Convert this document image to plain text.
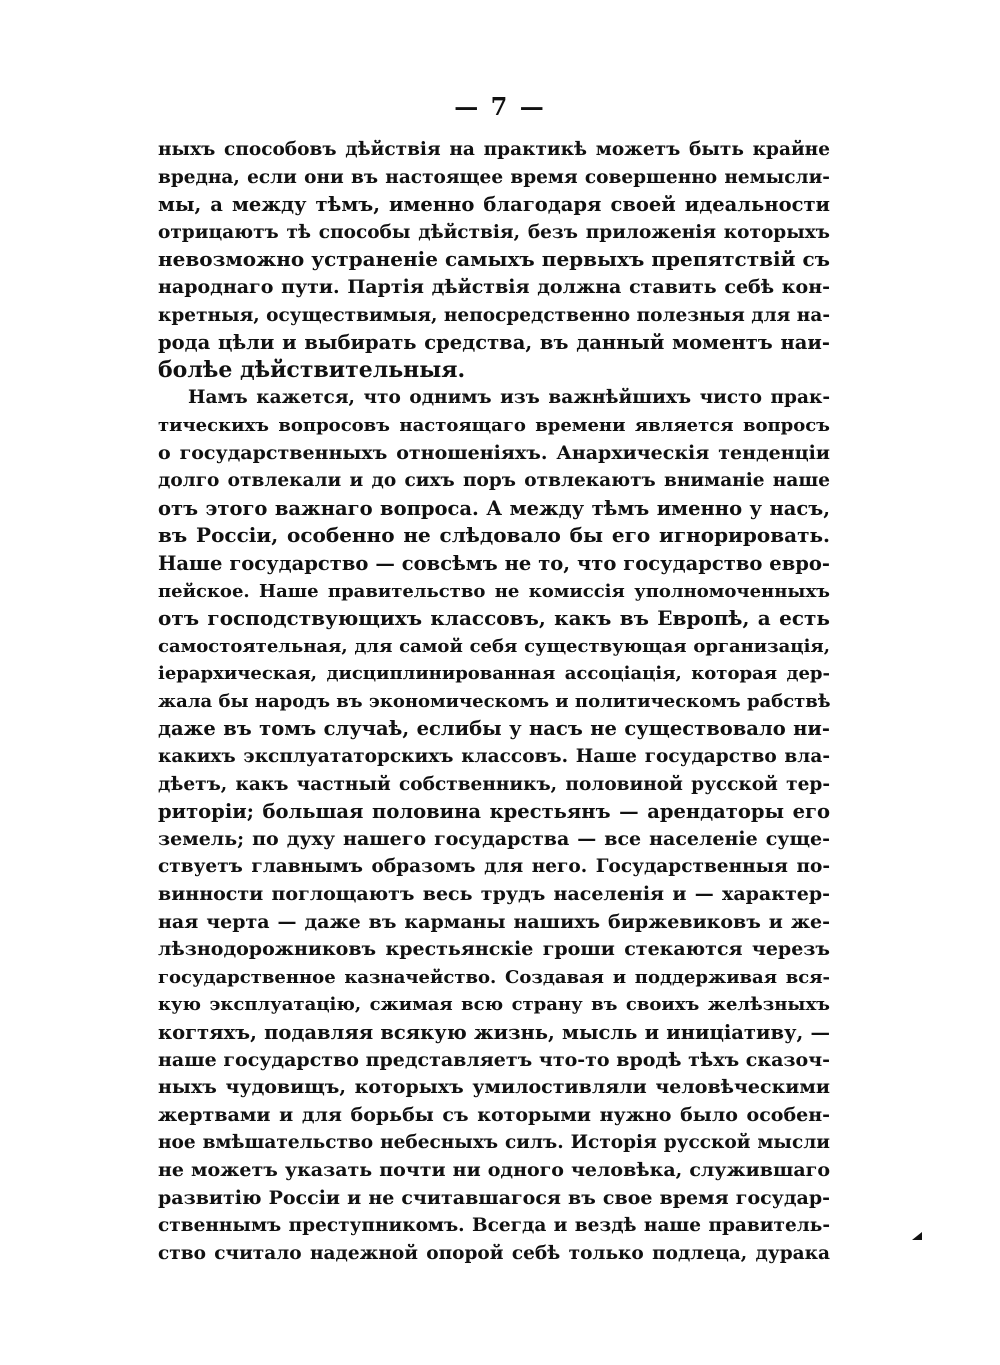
— 7 —
ныхъ способовъ дѣйствія на практикѣ можетъ быть крайне
вредна, если они въ настоящее время совершенно немысли-
мы, а между тѣмъ, именно благодаря своей идеальности
отрицаютъ тѣ способы дѣйствія, безъ приложенія которыхъ
невозможно устраненіе самыхъ первыхъ препятствій съ
народнаго пути. Партія дѣйствія должна ставить себѣ кон-
кретныя, осуществимыя, непосредственно полезныя для на-
рода цѣли и выбирать средства, въ данный моментъ наи-
болѣе дѣйствительныя.
Намъ кажется, что однимъ изъ важнѣйшихъ чисто прак-
тическихъ вопросовъ настоящаго времени является вопросъ
о государственныхъ отношеніяхъ. Анархическія тенденціи
долго отвлекали и до сихъ поръ отвлекаютъ вниманіе наше
отъ этого важнаго вопроса. А между тѣмъ именно у насъ,
въ Россіи, особенно не слѣдовало бы его игнорировать.
Наше государство — совсѣмъ не то, что государство евро-
пейское. Наше правительство не комиссія уполномоченныхъ
отъ господствующихъ классовъ, какъ въ Европѣ, а есть
самостоятельная, для самой себя существующая организація,
іерархическая, дисциплинированная ассоціація, которая дер-
жала бы народъ въ экономическомъ и политическомъ рабствѣ
даже въ томъ случаѣ, еслибы у насъ не существовало ни-
какихъ эксплуататорскихъ классовъ. Наше государство вла-
дѣетъ, какъ частный собственникъ, половиной русской тер-
риторіи; большая половина крестьянъ — арендаторы его
земель; по духу нашего государства — все населеніе суще-
ствуетъ главнымъ образомъ для него. Государственныя по-
винности поглощаютъ весь трудъ населенія и — характер-
ная черта — даже въ карманы нашихъ биржевиковъ и же-
лѣзнодорожниковъ крестьянскіе гроши стекаются черезъ
государственное казначейство. Создавая и поддерживая вся-
кую эксплуатацію, сжимая всю страну въ своихъ желѣзныхъ
когтяхъ, подавляя всякую жизнь, мысль и иниціативу, —
наше государство представляетъ что-то вродѣ тѣхъ сказоч-
ныхъ чудовищъ, которыхъ умилостивляли человѣческими
жертвами и для борьбы съ которыми нужно было особен-
ное вмѣшательство небесныхъ силъ. Исторія русской мысли
не можетъ указать почти ни одного человѣка, служившаго
развитію Россіи и не считавшагося въ свое время государ-
ственнымъ преступникомъ. Всегда и вездѣ наше правитель-
ство считало надежной опорой себѣ только подлеца, дурака
